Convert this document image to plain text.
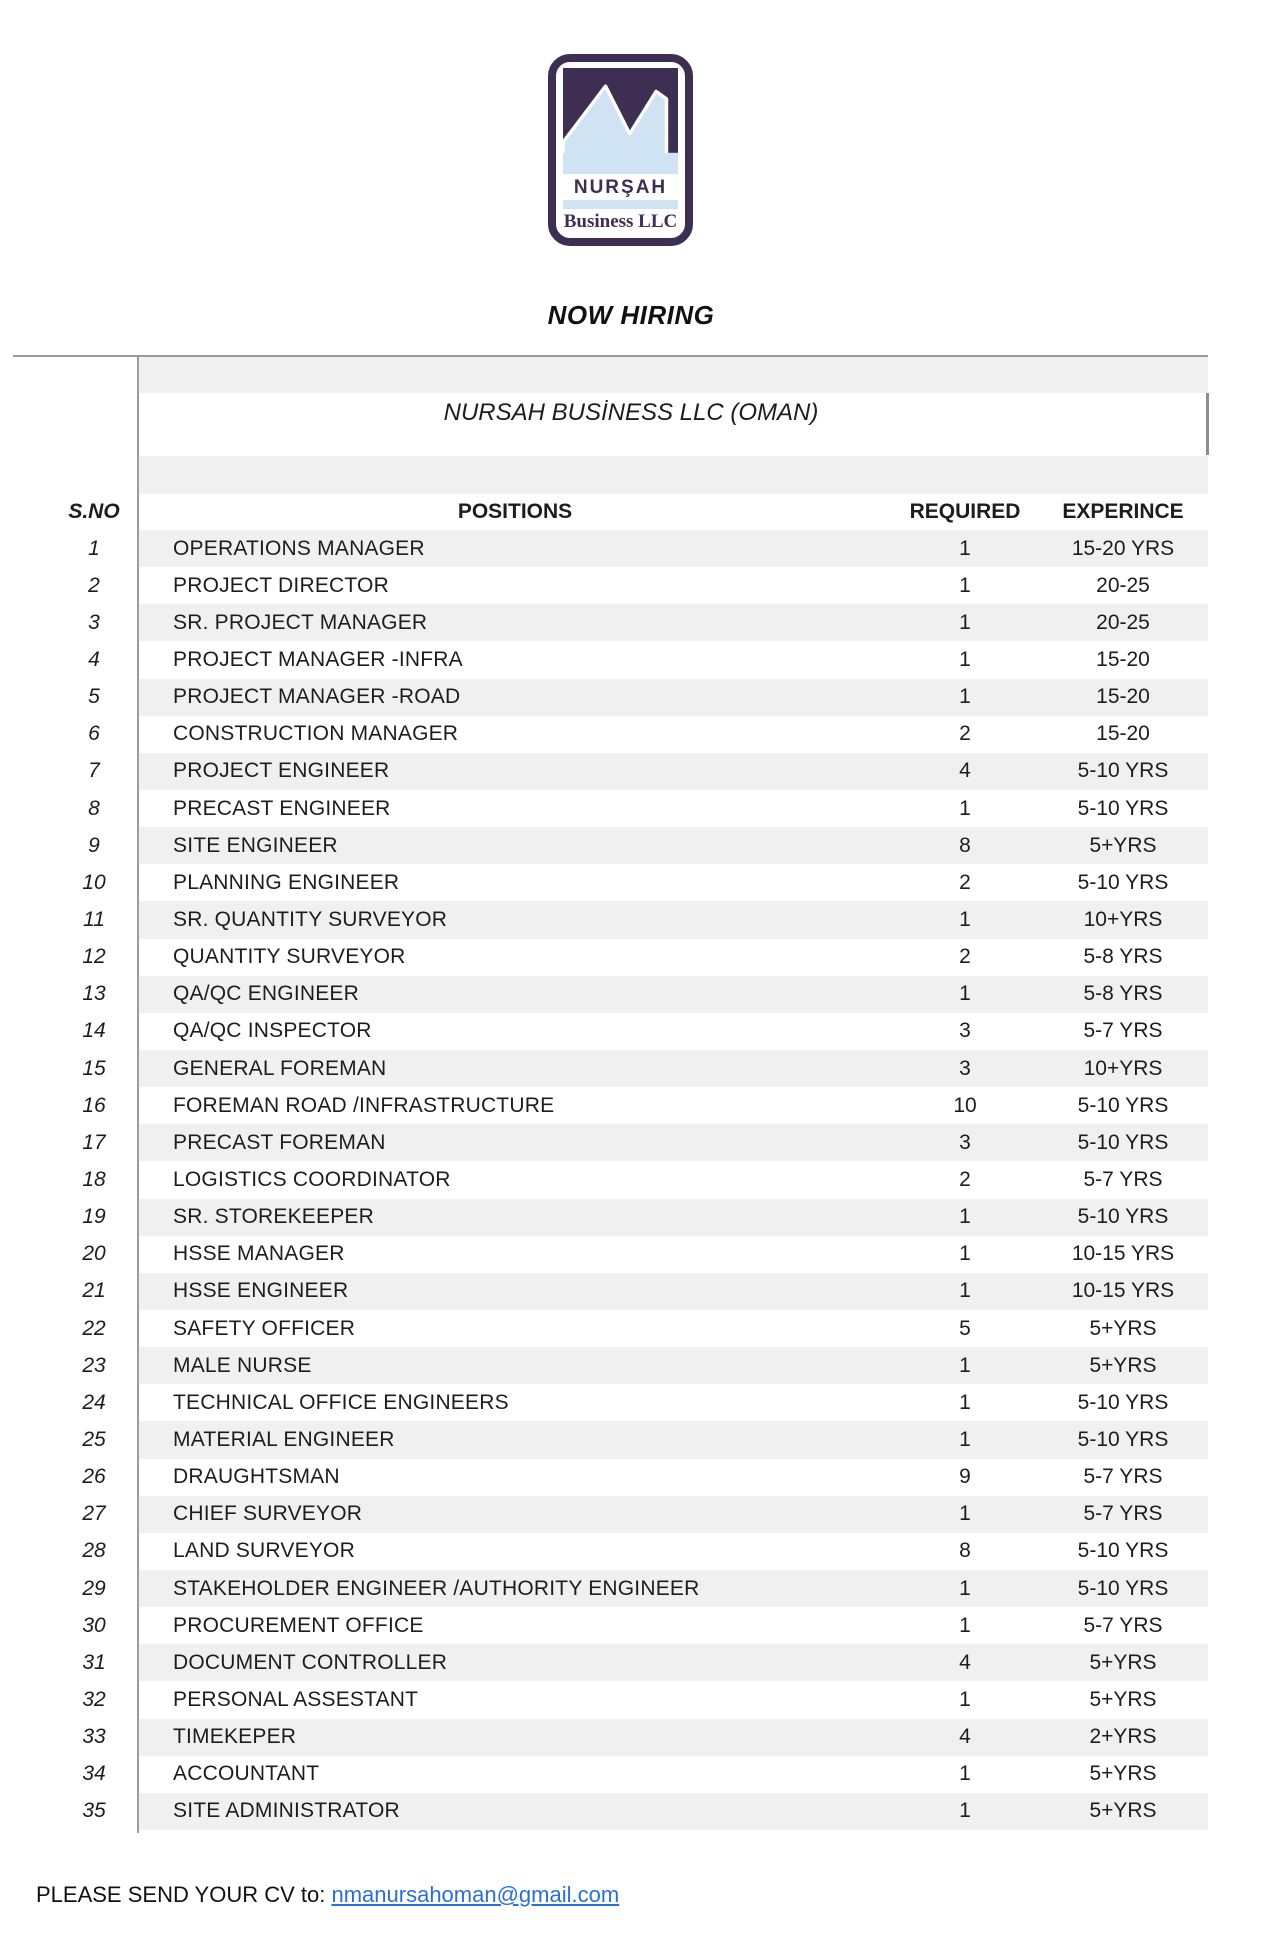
NURŞAH
Business LLC
NOW HIRING
NURSAH BUSİNESS LLC (OMAN)
S.NO	POSITIONS	REQUIRED	EXPERINCE
1	OPERATIONS MANAGER	1	15-20 YRS
2	PROJECT DIRECTOR	1	20-25
3	SR. PROJECT MANAGER	1	20-25
4	PROJECT MANAGER -INFRA	1	15-20
5	PROJECT MANAGER -ROAD	1	15-20
6	CONSTRUCTION MANAGER	2	15-20
7	PROJECT ENGINEER	4	5-10 YRS
8	PRECAST ENGINEER	1	5-10 YRS
9	SITE ENGINEER	8	5+YRS
10	PLANNING ENGINEER	2	5-10 YRS
11	SR. QUANTITY SURVEYOR	1	10+YRS
12	QUANTITY SURVEYOR	2	5-8 YRS
13	QA/QC ENGINEER	1	5-8 YRS
14	QA/QC INSPECTOR	3	5-7 YRS
15	GENERAL FOREMAN	3	10+YRS
16	FOREMAN ROAD /INFRASTRUCTURE	10	5-10 YRS
17	PRECAST FOREMAN	3	5-10 YRS
18	LOGISTICS COORDINATOR	2	5-7 YRS
19	SR. STOREKEEPER	1	5-10 YRS
20	HSSE MANAGER	1	10-15 YRS
21	HSSE ENGINEER	1	10-15 YRS
22	SAFETY OFFICER	5	5+YRS
23	MALE NURSE	1	5+YRS
24	TECHNICAL OFFICE ENGINEERS	1	5-10 YRS
25	MATERIAL ENGINEER	1	5-10 YRS
26	DRAUGHTSMAN	9	5-7 YRS
27	CHIEF SURVEYOR	1	5-7 YRS
28	LAND SURVEYOR	8	5-10 YRS
29	STAKEHOLDER ENGINEER /AUTHORITY ENGINEER	1	5-10 YRS
30	PROCUREMENT OFFICE	1	5-7 YRS
31	DOCUMENT CONTROLLER	4	5+YRS
32	PERSONAL ASSESTANT	1	5+YRS
33	TIMEKEPER	4	2+YRS
34	ACCOUNTANT	1	5+YRS
35	SITE ADMINISTRATOR	1	5+YRS
PLEASE SEND YOUR CV to: nmanursahoman@gmail.com
